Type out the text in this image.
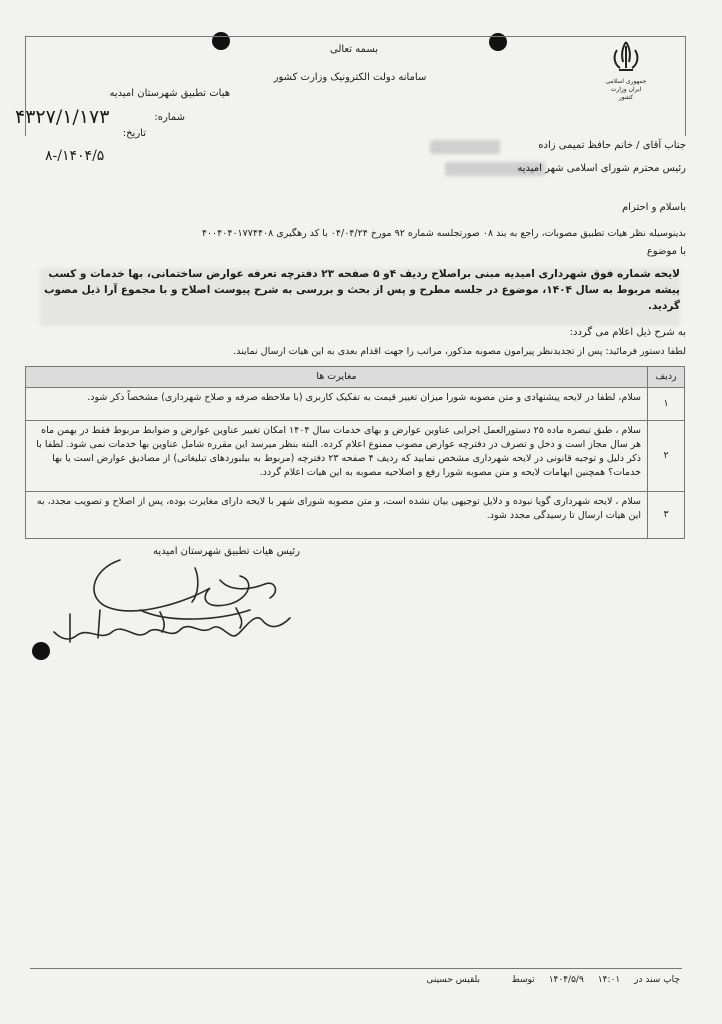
جمهوری اسلامی ایران وزارت کشور
بسمه تعالی
سامانه دولت الکترونیک وزارت کشور
هیات تطبیق شهرستان امیدیه
شماره:
۴۳۲۷/۱/۱۷۳
تاریخ:
۱۴۰۴/۵/-۸
جناب آقای / خانم حافظ تمیمی زاده
رئیس محترم شورای اسلامی شهر امیدیه
باسلام و احترام
بدینوسیله نظر هیات تطبیق مصوبات، راجع به بند ۰۸ صورتجلسه شماره ۹۲ مورخ ۰۴/۰۴/۲۴ با کد رهگیری ۴۰۰۴۰۴۰۱۷۷۴۴۰۸
با موضوع
لایحه شماره فوق شهرداری امیدیه مبنی براصلاح ردیف ۴و ۵ صفحه ۲۳ دفترچه تعرفه عوارض ساختمانی، بها خدمات و کسب پیشه مربوط به سال ۱۴۰۴، موضوع در جلسه مطرح و پس از بحث و بررسی به شرح پیوست اصلاح و با مجموع آرا ذیل مصوب گردید.
به شرح ذیل اعلام می گردد:
لطفا دستور فرمائید: پس از تجدیدنظر پیرامون مصوبه مذکور، مراتب را جهت اقدام بعدی به این هیات ارسال نمایند.
ردیف	مغایرت ها
۱	سلام، لطفا در لایحه پیشنهادی و متن مصوبه شورا میزان تغییر قیمت به تفکیک کاربری (با ملاحظه صرفه و صلاح شهرداری) مشخصاً ذکر شود.
۲	سلام ، طبق تبصره ماده ۲۵ دستورالعمل اجرایی عناوین عوارض و بهای خدمات سال ۱۴۰۴ امکان تغییر عناوین عوارض و ضوابط مربوط فقط در بهمن ماه هر سال مجاز است و دخل و تصرف در دفترچه عوارض مصوب ممنوع اعلام کرده. البته بنظر میرسد این مقرره شامل عناوین بها خدمات نمی شود. لطفا با ذکر دلیل و توجیه قانونی در لایحه شهرداری مشخص نمایید که ردیف ۴ صفحه ۲۳ دفترچه (مربوط به بیلبوردهای تبلیغاتی) از مصادیق عوارض است یا بها خدمات؟ همچنین ابهامات لایحه و متن مصوبه شورا رفع و اصلاحیه مصوبه به این هیات اعلام گردد.
۳	سلام ، لایحه شهرداری گویا نبوده و دلایل توجیهی بیان نشده است، و متن مصوبه شورای شهر با لایحه دارای مغایرت بوده، پس از اصلاح و تصویب مجدد، به این هیات ارسال تا رسیدگی مجدد شود.
رئیس هیات تطبیق شهرستان امیدیه
چاپ سند در
۱۴:۰۱
۱۴۰۴/۵/۹
توسط
بلقیس حسینی
